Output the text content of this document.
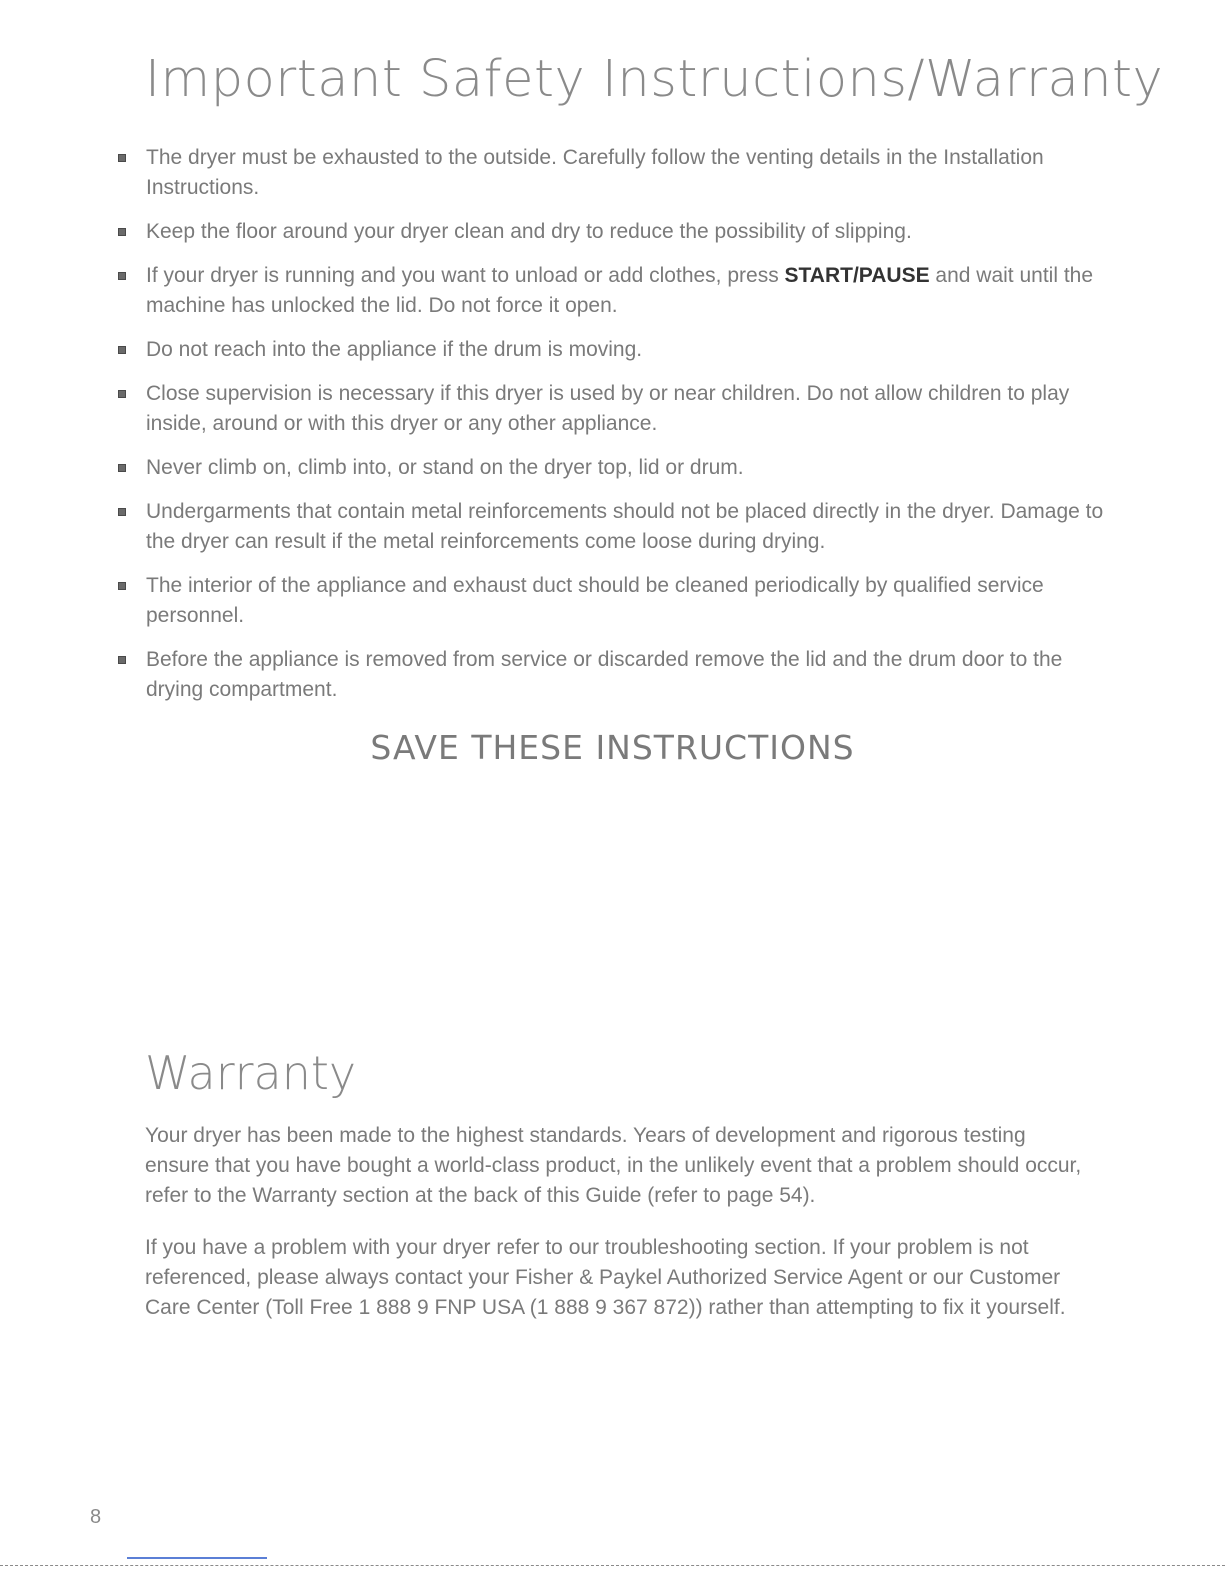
Important Safety Instructions/Warranty
The dryer must be exhausted to the outside. Carefully follow the venting details in the Installation Instructions.
Keep the floor around your dryer clean and dry to reduce the possibility of slipping.
If your dryer is running and you want to unload or add clothes, press START/PAUSE and wait until the machine has unlocked the lid. Do not force it open.
Do not reach into the appliance if the drum is moving.
Close supervision is necessary if this dryer is used by or near children. Do not allow children to play inside, around or with this dryer or any other appliance.
Never climb on, climb into, or stand on the dryer top, lid or drum.
Undergarments that contain metal reinforcements should not be placed directly in the dryer. Damage to the dryer can result if the metal reinforcements come loose during drying.
The interior of the appliance and exhaust duct should be cleaned periodically by qualified service personnel.
Before the appliance is removed from service or discarded remove the lid and the drum door to the drying compartment.
SAVE THESE INSTRUCTIONS
Warranty

Your dryer has been made to the highest standards. Years of development and rigorous testing ensure that you have bought a world-class product, in the unlikely event that a problem should occur, refer to the Warranty section at the back of this Guide (refer to page 54).

If you have a problem with your dryer refer to our troubleshooting section. If your problem is not referenced, please always contact your Fisher & Paykel Authorized Service Agent or our Customer Care Center (Toll Free 1 888 9 FNP USA (1 888 9 367 872)) rather than attempting to fix it yourself.

8
